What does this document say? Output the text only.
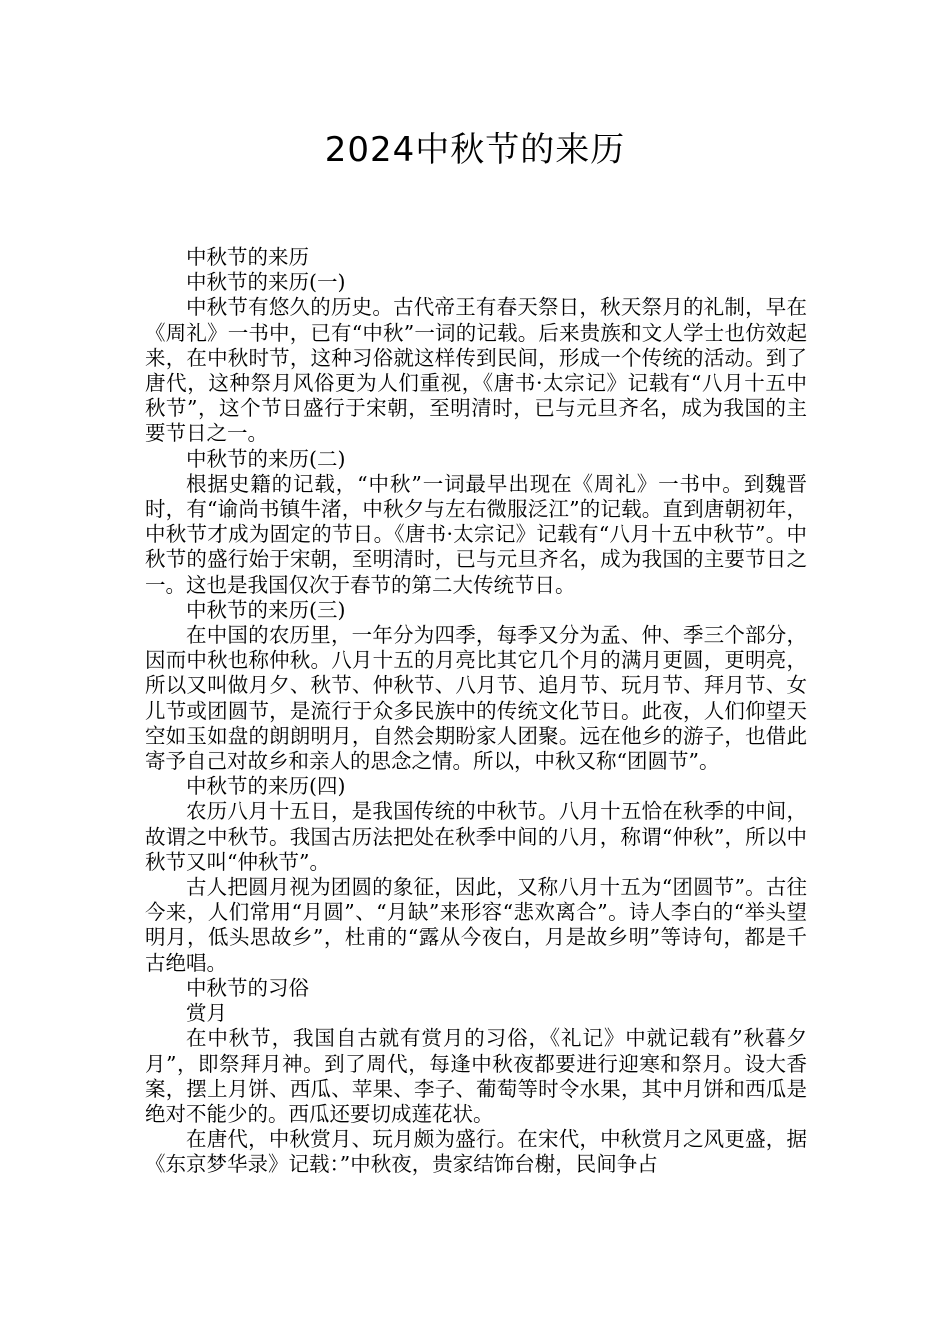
2024中秋节的来历

中秋节的来历

中秋节的来历(一)

中秋节有悠久的历史。古代帝王有春天祭日，秋天祭月的礼制，早在《周礼》一书中，已有“中秋”一词的记载。后来贵族和文人学士也仿效起来，在中秋时节，这种习俗就这样传到民间，形成一个传统的活动。到了唐代，这种祭月风俗更为人们重视，《唐书·太宗记》记载有“八月十五中秋节”，这个节日盛行于宋朝，至明清时，已与元旦齐名，成为我国的主要节日之一。

中秋节的来历(二)

根据史籍的记载，“中秋”一词最早出现在《周礼》一书中。到魏晋时，有“谕尚书镇牛渚，中秋夕与左右微服泛江”的记载。直到唐朝初年，中秋节才成为固定的节日。《唐书·太宗记》记载有“八月十五中秋节”。中秋节的盛行始于宋朝，至明清时，已与元旦齐名，成为我国的主要节日之一。这也是我国仅次于春节的第二大传统节日。

中秋节的来历(三)

在中国的农历里，一年分为四季，每季又分为孟、仲、季三个部分，因而中秋也称仲秋。八月十五的月亮比其它几个月的满月更圆，更明亮，所以又叫做月夕、秋节、仲秋节、八月节、追月节、玩月节、拜月节、女儿节或团圆节，是流行于众多民族中的传统文化节日。此夜，人们仰望天空如玉如盘的朗朗明月，自然会期盼家人团聚。远在他乡的游子，也借此寄予自己对故乡和亲人的思念之情。所以，中秋又称“团圆节”。

中秋节的来历(四)

农历八月十五日，是我国传统的中秋节。八月十五恰在秋季的中间，故谓之中秋节。我国古历法把处在秋季中间的八月，称谓“仲秋”，所以中秋节又叫“仲秋节”。

古人把圆月视为团圆的象征，因此，又称八月十五为“团圆节”。古往今来，人们常用“月圆”、“月缺”来形容“悲欢离合”。诗人李白的“举头望明月，低头思故乡”，杜甫的“露从今夜白，月是故乡明”等诗句，都是千古绝唱。

中秋节的习俗

赏月

在中秋节，我国自古就有赏月的习俗，《礼记》中就记载有”秋暮夕月”，即祭拜月神。到了周代，每逢中秋夜都要进行迎寒和祭月。设大香案，摆上月饼、西瓜、苹果、李子、葡萄等时令水果，其中月饼和西瓜是绝对不能少的。西瓜还要切成莲花状。

在唐代，中秋赏月、玩月颇为盛行。在宋代，中秋赏月之风更盛，据《东京梦华录》记载：”中秋夜，贵家结饰台榭，民间争占
